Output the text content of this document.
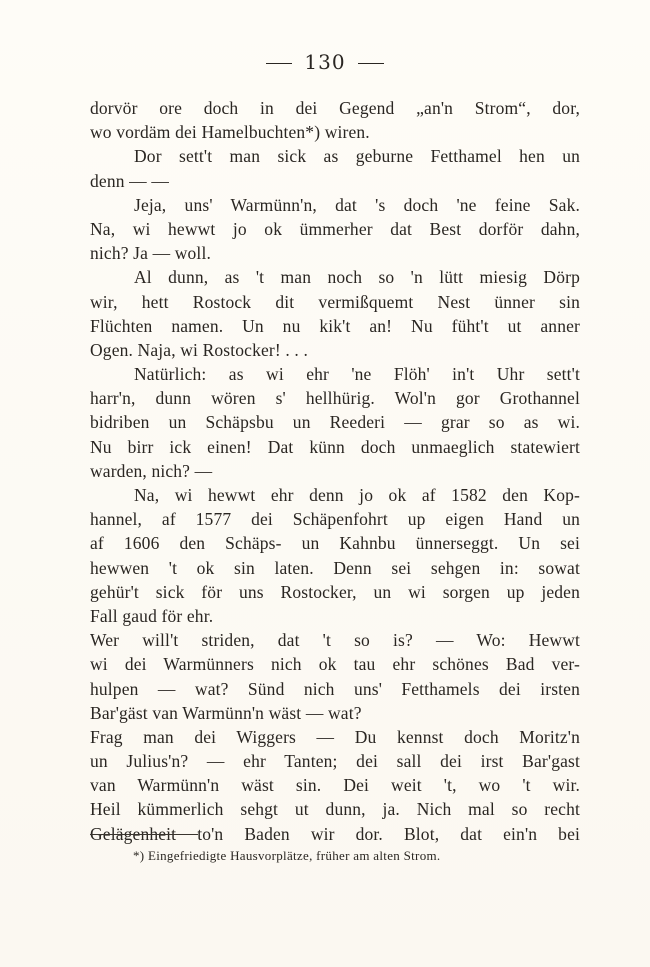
130
dorvör ore doch in dei Gegend „an'n Strom“, dor,
wo vordäm dei Hamelbuchten*) wiren.
Dor sett't man sick as geburne Fetthamel hen un
denn — —
Jeja, uns' Warmünn'n, dat 's doch 'ne feine Sak.
Na, wi hewwt jo ok ümmerher dat Best dorför dahn,
nich? Ja — woll.
Al dunn, as 't man noch so 'n lütt miesig Dörp
wir, hett Rostock dit vermißquemt Nest ünner sin
Flüchten namen. Un nu kik't an! Nu füht't ut anner
Ogen. Naja, wi Rostocker! . . .
Natürlich: as wi ehr 'ne Flöh' in't Uhr sett't
harr'n, dunn wören s' hellhürig. Wol'n gor Grothannel
bidriben un Schäpsbu un Reederi — grar so as wi.
Nu birr ick einen! Dat künn doch unmaeglich statewiert
warden, nich? —
Na, wi hewwt ehr denn jo ok af 1582 den Kop-
hannel, af 1577 dei Schäpenfohrt up eigen Hand un
af 1606 den Schäps- un Kahnbu ünnerseggt. Un sei
hewwen 't ok sin laten. Denn sei sehgen in: sowat
gehür't sick för uns Rostocker, un wi sorgen up jeden
Fall gaud för ehr.
Wer will't striden, dat 't so is? — Wo: Hewwt
wi dei Warmünners nich ok tau ehr schönes Bad ver-
hulpen — wat? Sünd nich uns' Fetthamels dei irsten
Bar'gäst van Warmünn'n wäst — wat?
Frag man dei Wiggers — Du kennst doch Moritz'n
un Julius'n? — ehr Tanten; dei sall dei irst Bar'gast
van Warmünn'n wäst sin. Dei weit 't, wo 't wir.
Heil kümmerlich sehgt ut dunn, ja. Nich mal so recht
Gelägenheit to'n Baden wir dor. Blot, dat ein'n bei
*) Eingefriedigte Hausvorplätze, früher am alten Strom.
